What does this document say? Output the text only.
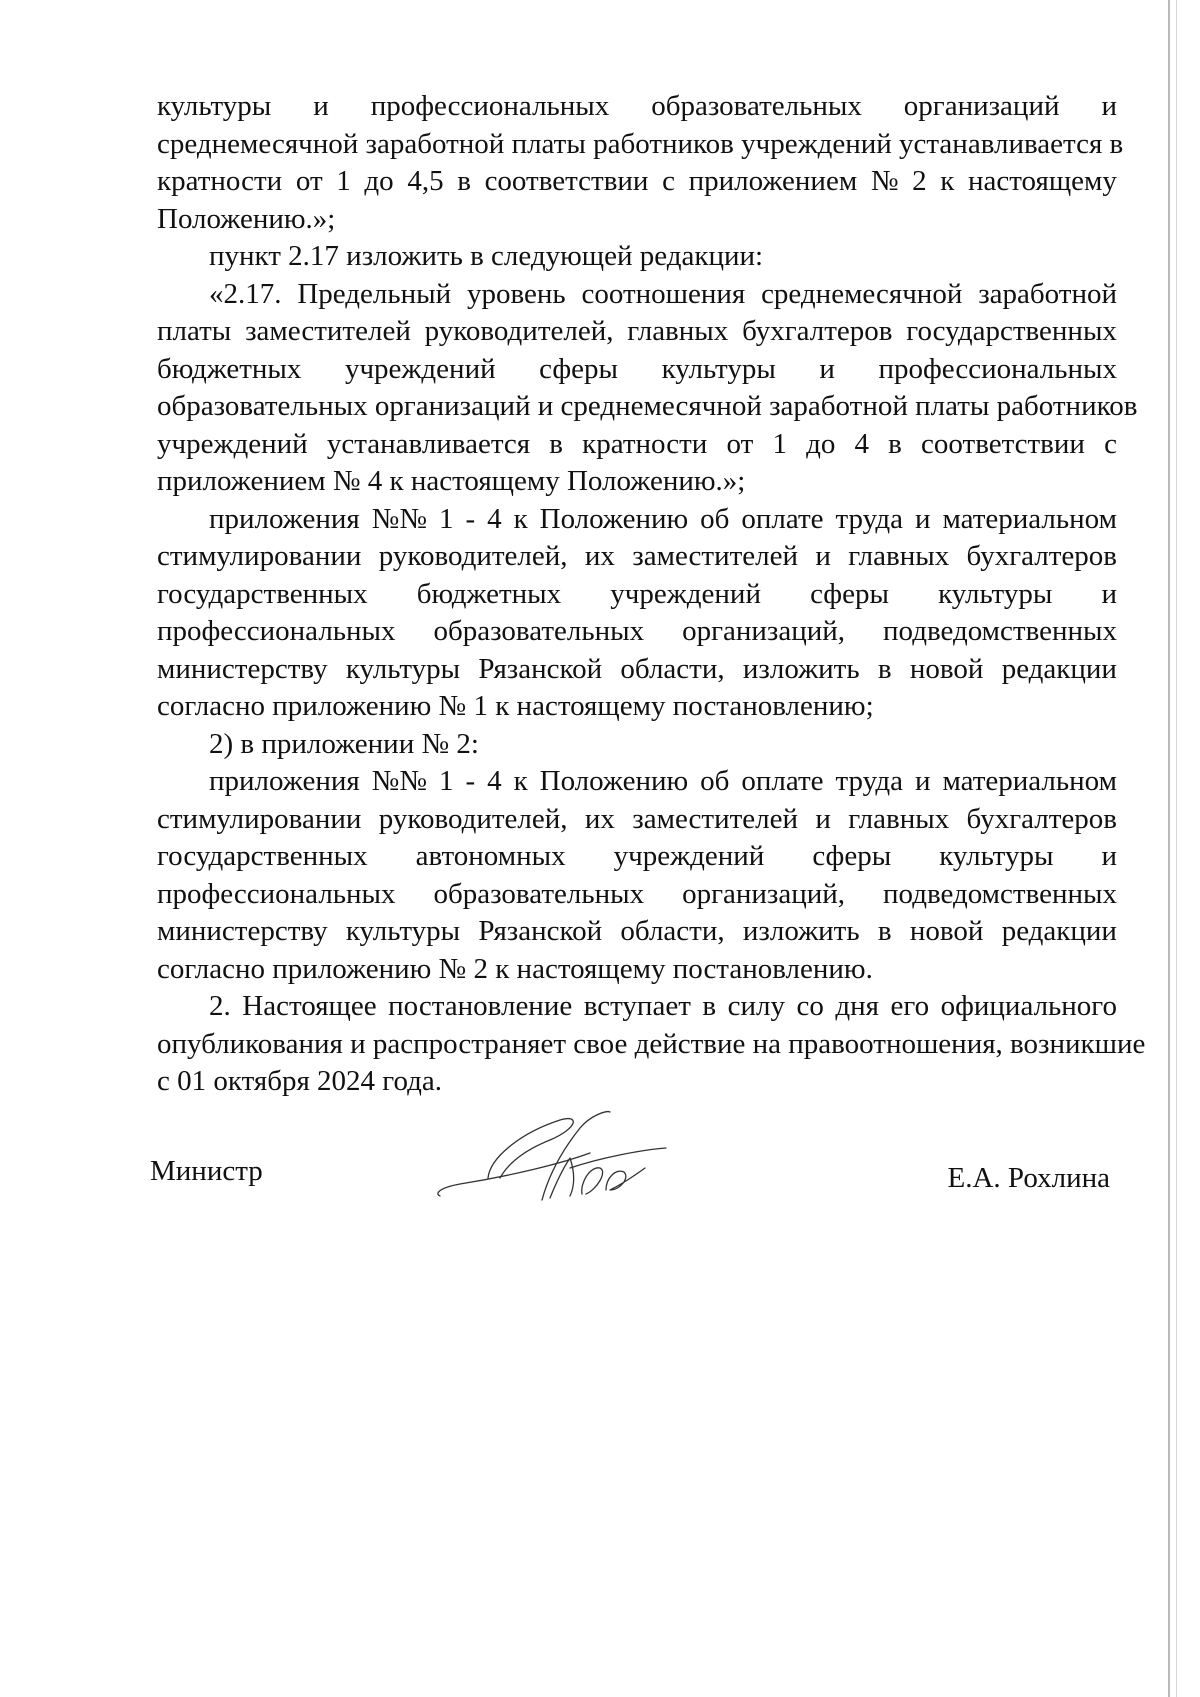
культуры и профессиональных образовательных организаций и
среднемесячной заработной платы работников учреждений устанавливается в
кратности от 1 до 4,5 в соответствии с приложением № 2 к настоящему
Положению.»;
пункт 2.17 изложить в следующей редакции:
«2.17. Предельный уровень соотношения среднемесячной заработной
платы заместителей руководителей, главных бухгалтеров государственных
бюджетных учреждений сферы культуры и профессиональных
образовательных организаций и среднемесячной заработной платы работников
учреждений устанавливается в кратности от 1 до 4 в соответствии с
приложением № 4 к настоящему Положению.»;
приложения №№ 1 - 4 к Положению об оплате труда и материальном
стимулировании руководителей, их заместителей и главных бухгалтеров
государственных бюджетных учреждений сферы культуры и
профессиональных образовательных организаций, подведомственных
министерству культуры Рязанской области, изложить в новой редакции
согласно приложению № 1 к настоящему постановлению;
2) в приложении № 2:
приложения №№ 1 - 4 к Положению об оплате труда и материальном
стимулировании руководителей, их заместителей и главных бухгалтеров
государственных автономных учреждений сферы культуры и
профессиональных образовательных организаций, подведомственных
министерству культуры Рязанской области, изложить в новой редакции
согласно приложению № 2 к настоящему постановлению.
2. Настоящее постановление вступает в силу со дня его официального
опубликования и распространяет свое действие на правоотношения, возникшие
с 01 октября 2024 года.
Министр	Е.А. Рохлина
